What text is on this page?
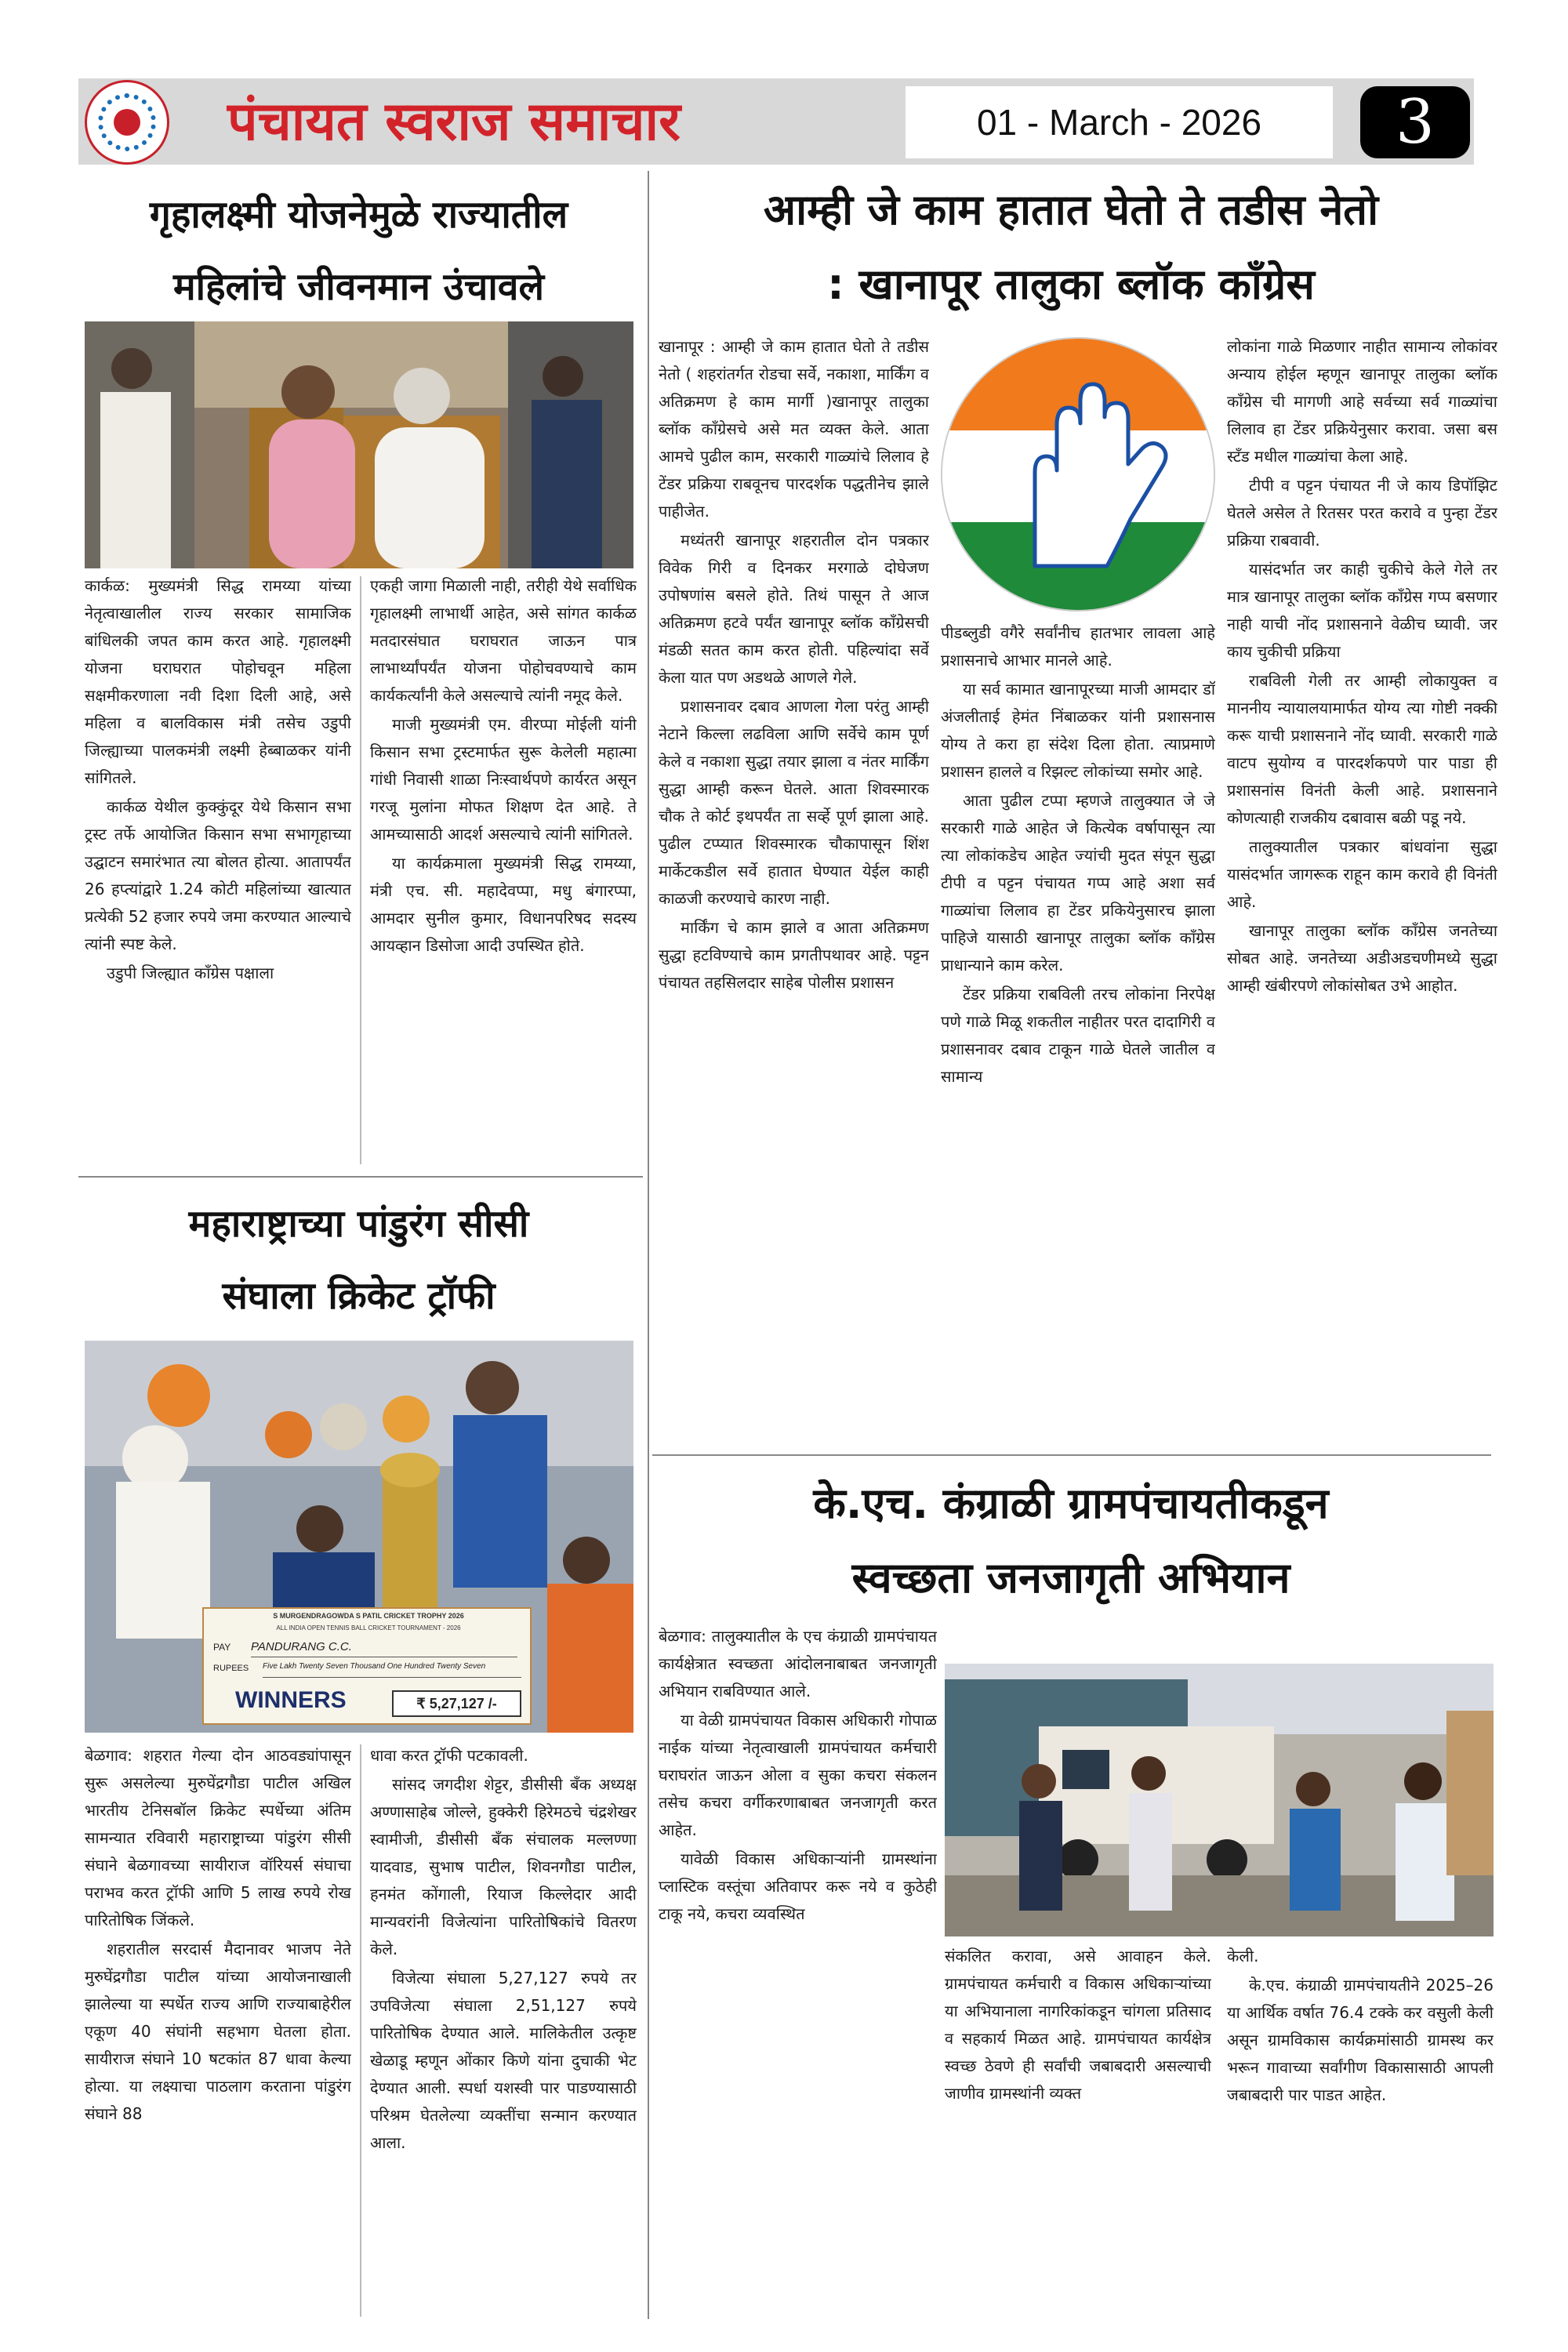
पंचायत स्वराज समाचार	01 - March - 2026	3
गृहालक्ष्मी योजनेमुळे राज्यातील
महिलांचे जीवनमान उंचावले

कार्कळ: मुख्यमंत्री सिद्ध रामय्या यांच्या नेतृत्वाखालील राज्य सरकार सामाजिक बांधिलकी जपत काम करत आहे. गृहालक्ष्मी योजना घराघरात पोहोचवून महिला सक्षमीकरणाला नवी दिशा दिली आहे, असे महिला व बालविकास मंत्री तसेच उडुपी जिल्ह्याच्या पालकमंत्री लक्ष्मी हेब्बाळकर यांनी सांगितले.

कार्कळ येथील कुक्कुंदूर येथे किसान सभा ट्रस्ट तर्फे आयोजित किसान सभा सभागृहाच्या उद्घाटन समारंभात त्या बोलत होत्या. आतापर्यंत 26 हप्त्यांद्वारे 1.24 कोटी महिलांच्या खात्यात प्रत्येकी 52 हजार रुपये जमा करण्यात आल्याचे त्यांनी स्पष्ट केले.

उडुपी जिल्ह्यात काँग्रेस पक्षाला

एकही जागा मिळाली नाही, तरीही येथे सर्वाधिक गृहालक्ष्मी लाभार्थी आहेत, असे सांगत कार्कळ मतदारसंघात घराघरात जाऊन पात्र लाभार्थ्यांपर्यंत योजना पोहोचवण्याचे काम कार्यकर्त्यांनी केले असल्याचे त्यांनी नमूद केले.

माजी मुख्यमंत्री एम. वीरप्पा मोईली यांनी किसान सभा ट्रस्टमार्फत सुरू केलेली महात्मा गांधी निवासी शाळा निःस्वार्थपणे कार्यरत असून गरजू मुलांना मोफत शिक्षण देत आहे. ते आमच्यासाठी आदर्श असल्याचे त्यांनी सांगितले.

या कार्यक्रमाला मुख्यमंत्री सिद्ध रामय्या, मंत्री एच. सी. महादेवप्पा, मधु बंगारप्पा, आमदार सुनील कुमार, विधानपरिषद सदस्य आयव्हान डिसोजा आदी उपस्थित होते.

महाराष्ट्राच्या पांडुरंग सीसी
संघाला क्रिकेट ट्रॉफी
S MURGENDRAGOWDA S PATIL CRICKET TROPHY 2026
ALL INDIA OPEN TENNIS BALL CRICKET TOURNAMENT - 2026
PAY	PANDURANG C.C.
RUPEES	Five Lakh Twenty Seven Thousand One Hundred Twenty Seven
WINNERS	₹ 5,27,127 /-

बेळगाव: शहरात गेल्या दोन आठवड्यांपासून सुरू असलेल्या मुरुघेंद्रगौडा पाटील अखिल भारतीय टेनिसबॉल क्रिकेट स्पर्धेच्या अंतिम सामन्यात रविवारी महाराष्ट्राच्या पांडुरंग सीसी संघाने बेळगावच्या सायीराज वॉरियर्स संघाचा पराभव करत ट्रॉफी आणि 5 लाख रुपये रोख पारितोषिक जिंकले.

शहरातील सरदार्स मैदानावर भाजप नेते मुरुघेंद्रगौडा पाटील यांच्या आयोजनाखाली झालेल्या या स्पर्धेत राज्य आणि राज्याबाहेरील एकूण 40 संघांनी सहभाग घेतला होता. सायीराज संघाने 10 षटकांत 87 धावा केल्या होत्या. या लक्ष्याचा पाठलाग करताना पांडुरंग संघाने 88

धावा करत ट्रॉफी पटकावली.

सांसद जगदीश शेट्टर, डीसीसी बँक अध्यक्ष अण्णासाहेब जोल्ले, हुक्केरी हिरेमठचे चंद्रशेखर स्वामीजी, डीसीसी बँक संचालक मल्लण्णा यादवाड, सुभाष पाटील, शिवनगौडा पाटील, हनमंत कोंगाली, रियाज किल्लेदार आदी मान्यवरांनी विजेत्यांना पारितोषिकांचे वितरण केले.

विजेत्या संघाला 5,27,127 रुपये तर उपविजेत्या संघाला 2,51,127 रुपये पारितोषिक देण्यात आले. मालिकेतील उत्कृष्ट खेळाडू म्हणून ओंकार किणे यांना दुचाकी भेट देण्यात आली. स्पर्धा यशस्वी पार पाडण्यासाठी परिश्रम घेतलेल्या व्यक्तींचा सन्मान करण्यात आला.

आम्ही जे काम हातात घेतो ते तडीस नेतो
: खानापूर तालुका ब्लॉक कॉंग्रेस

खानापूर : आम्ही जे काम हातात घेतो ते तडीस नेतो ( शहरांतर्गत रोडचा सर्वे, नकाशा, मार्किंग व अतिक्रमण हे काम मार्गी )खानापूर तालुका ब्लॉक कॉंग्रेसचे असे मत व्यक्त केले. आता आमचे पुढील काम, सरकारी गाळ्यांचे लिलाव हे टेंडर प्रक्रिया राबवूनच पारदर्शक पद्धतीनेच झाले पाहीजेत.

मध्यंतरी खानापूर शहरातील दोन पत्रकार विवेक गिरी व दिनकर मरगाळे दोघेजण उपोषणांस बसले होते. तिथं पासून ते आज अतिक्रमण हटवे पर्यंत खानापूर ब्लॉक कॉंग्रेसची मंडळी सतत काम करत होती. पहिल्यांदा सर्वे केला यात पण अडथळे आणले गेले.

प्रशासनावर दबाव आणला गेला परंतु आम्ही नेटाने किल्ला लढविला आणि सर्वेचे काम पूर्ण केले व नकाशा सुद्धा तयार झाला व नंतर मार्किंग सुद्धा आम्ही करून घेतले. आता शिवस्मारक चौक ते कोर्ट इथपर्यंत ता सर्व्हे पूर्ण झाला आहे. पुढील टप्प्यात शिवस्मारक चौकापासून शिंश मार्केटकडील सर्वे हातात घेण्यात येईल काही काळजी करण्याचे कारण नाही.

मार्किंग चे काम झाले व आता अतिक्रमण सुद्धा हटविण्याचे काम प्रगतीपथावर आहे. पट्टन पंचायत तहसिलदार साहेब पोलीस प्रशासन

पीडब्लुडी वगैरे सर्वांनीच हातभार लावला आहे प्रशासनाचे आभार मानले आहे.

या सर्व कामात खानापूरच्या माजी आमदार डॉ अंजलीताई हेमंत निंबाळकर यांनी प्रशासनास योग्य ते करा हा संदेश दिला होता. त्याप्रमाणे प्रशासन हालले व रिझल्ट लोकांच्या समोर आहे.

आता पुढील टप्पा म्हणजे तालुक्यात जे जे सरकारी गाळे आहेत जे कित्येक वर्षापासून त्या त्या लोकांकडेच आहेत ज्यांची मुदत संपून सुद्धा टीपी व पट्टन पंचायत गप्प आहे अशा सर्व गाळ्यांचा लिलाव हा टेंडर प्रकियेनुसारच झाला पाहिजे यासाठी खानापूर तालुका ब्लॉक कॉंग्रेस प्राधान्याने काम करेल.

टेंडर प्रक्रिया राबविली तरच लोकांना निरपेक्ष पणे गाळे मिळू शकतील नाहीतर परत दादागिरी व प्रशासनावर दबाव टाकून गाळे घेतले जातील व सामान्य

लोकांना गाळे मिळणार नाहीत सामान्य लोकांवर अन्याय होईल म्हणून खानापूर तालुका ब्लॉक कॉंग्रेस ची मागणी आहे सर्वच्या सर्व गाळ्यांचा लिलाव हा टेंडर प्रक्रियेनुसार करावा. जसा बस स्टँड मधील गाळ्यांचा केला आहे.

टीपी व पट्टन पंचायत नी जे काय डिपॉझिट घेतले असेल ते रितसर परत करावे व पुन्हा टेंडर प्रक्रिया राबवावी.

यासंदर्भात जर काही चुकीचे केले गेले तर मात्र खानापूर तालुका ब्लॉक कॉंग्रेस गप्प बसणार नाही याची नोंद प्रशासनाने वेळीच घ्यावी. जर काय चुकीची प्रक्रिया

राबविली गेली तर आम्ही लोकायुक्त व माननीय न्यायालयामार्फत योग्य त्या गोष्टी नक्की करू याची प्रशासनाने नोंद घ्यावी. सरकारी गाळे वाटप सुयोग्य व पारदर्शकपणे पार पाडा ही प्रशासनांस विनंती केली आहे. प्रशासनाने कोणत्याही राजकीय दबावास बळी पडू नये.

तालुक्यातील पत्रकार बांधवांना सुद्धा यासंदर्भात जागरूक राहून काम करावे ही विनंती आहे.

खानापूर तालुका ब्लॉक कॉंग्रेस जनतेच्या सोबत आहे. जनतेच्या अडीअडचणीमध्ये सुद्धा आम्ही खंबीरपणे लोकांसोबत उभे आहोत.

के.एच. कंग्राळी ग्रामपंचायतीकडून
स्वच्छता जनजागृती अभियान

बेळगाव: तालुक्यातील के एच कंग्राळी ग्रामपंचायत कार्यक्षेत्रात स्वच्छता आंदोलनाबाबत जनजागृती अभियान राबविण्यात आले.

या वेळी ग्रामपंचायत विकास अधिकारी गोपाळ नाईक यांच्या नेतृत्वाखाली ग्रामपंचायत कर्मचारी घराघरांत जाऊन ओला व सुका कचरा संकलन तसेच कचरा वर्गीकरणाबाबत जनजागृती करत आहेत.

यावेळी विकास अधिकाऱ्यांनी ग्रामस्थांना प्लास्टिक वस्तूंचा अतिवापर करू नये व कुठेही टाकू नये, कचरा व्यवस्थित

संकलित करावा, असे आवाहन केले. ग्रामपंचायत कर्मचारी व विकास अधिकाऱ्यांच्या या अभियानाला नागरिकांकडून चांगला प्रतिसाद व सहकार्य मिळत आहे. ग्रामपंचायत कार्यक्षेत्र स्वच्छ ठेवणे ही सर्वांची जबाबदारी असल्याची जाणीव ग्रामस्थांनी व्यक्त

केली.

के.एच. कंग्राळी ग्रामपंचायतीने 2025–26 या आर्थिक वर्षात 76.4 टक्के कर वसुली केली असून ग्रामविकास कार्यक्रमांसाठी ग्रामस्थ कर भरून गावाच्या सर्वांगीण विकासासाठी आपली जबाबदारी पार पाडत आहेत.
